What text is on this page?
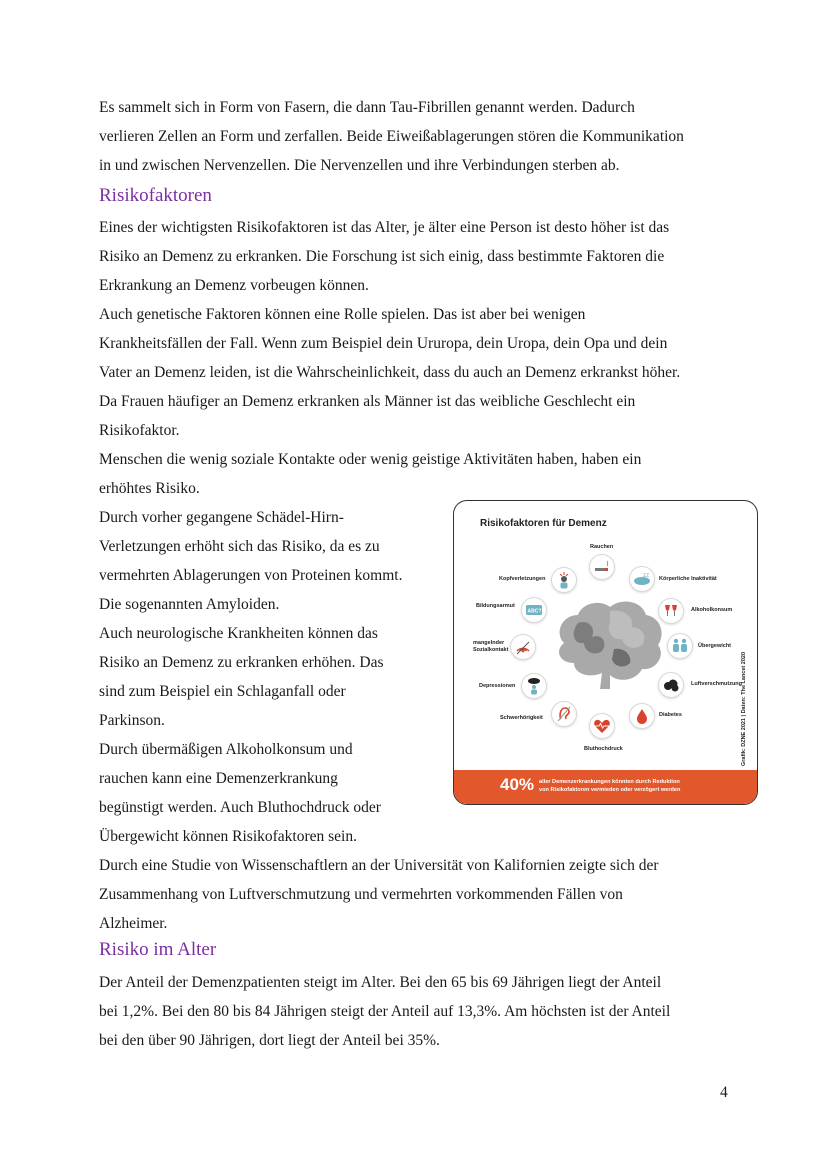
Es sammelt sich in Form von Fasern, die dann Tau-Fibrillen genannt werden. Dadurch
verlieren Zellen an Form und zerfallen. Beide Eiweißablagerungen stören die Kommunikation
in und zwischen Nervenzellen. Die Nervenzellen und ihre Verbindungen sterben ab.

Risikofaktoren

Eines der wichtigsten Risikofaktoren ist das Alter, je älter eine Person ist desto höher ist das
Risiko an Demenz zu erkranken. Die Forschung ist sich einig, dass bestimmte Faktoren die
Erkrankung an Demenz vorbeugen können.
Auch genetische Faktoren können eine Rolle spielen. Das ist aber bei wenigen
Krankheitsfällen der Fall. Wenn zum Beispiel dein Ururopa, dein Uropa, dein Opa und dein
Vater an Demenz leiden, ist die Wahrscheinlichkeit, dass du auch an Demenz erkrankst höher.
Da Frauen häufiger an Demenz erkranken als Männer ist das weibliche Geschlecht ein
Risikofaktor.
Menschen die wenig soziale Kontakte oder wenig geistige Aktivitäten haben, haben ein
erhöhtes Risiko.

Durch vorher gegangene Schädel-Hirn-
Verletzungen erhöht sich das Risiko, da es zu
vermehrten Ablagerungen von Proteinen kommt.
Die sogenannten Amyloiden.
Auch neurologische Krankheiten können das
Risiko an Demenz zu erkranken erhöhen. Das
sind zum Beispiel ein Schlaganfall oder
Parkinson.
Durch übermäßigen Alkoholkonsum und
rauchen kann eine Demenzerkrankung
begünstigt werden. Auch Bluthochdruck oder
Übergewicht können Risikofaktoren sein.

Durch eine Studie von Wissenschaftlern an der Universität von Kalifornien zeigte sich der
Zusammenhang von Luftverschmutzung und vermehrten vorkommenden Fällen von
Alzheimer.

Risiko im Alter

Der Anteil der Demenzpatienten steigt im Alter. Bei den 65 bis 69 Jährigen liegt der Anteil
bei 1,2%. Bei den 80 bis 84 Jährigen steigt der Anteil auf 13,3%. Am höchsten ist der Anteil
bei den über 90 Jährigen, dort liegt der Anteil bei 35%.

Risikofaktoren für Demenz
Grafik: DZNE 2021 | Daten: The Lancet 2020
Rauchen
Körperliche Inaktivität
zz
Alkoholkonsum
Übergewicht
Luftverschmutzung
Diabetes
Bluthochdruck
Schwerhörigkeit
Depressionen
mangelnder
Sozialkontakt
Bildungsarmut
ABC?
Kopfverletzungen
40% aller Demenzerkrankungen könnten durch Reduktion
von Risikofaktoren vermieden oder verzögert werden
4
